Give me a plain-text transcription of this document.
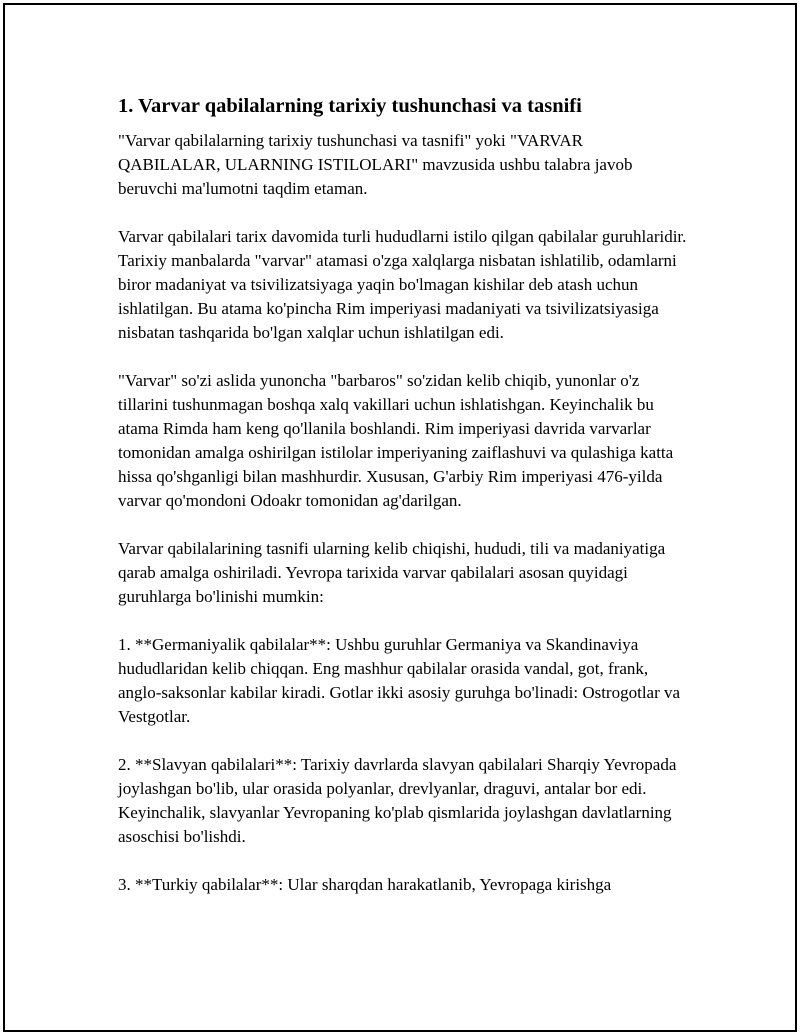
1. Varvar qabilalarning tarixiy tushunchasi va tasnifi

"Varvar qabilalarning tarixiy tushunchasi va tasnifi" yoki "VARVAR QABILALAR, ULARNING ISTILOLARI" mavzusida ushbu talabra javob beruvchi ma'lumotni taqdim etaman.

Varvar qabilalari tarix davomida turli hududlarni istilo qilgan qabilalar guruhlaridir. Tarixiy manbalarda "varvar" atamasi o'zga xalqlarga nisbatan ishlatilib, odamlarni biror madaniyat va tsivilizatsiyaga yaqin bo'lmagan kishilar deb atash uchun ishlatilgan. Bu atama ko'pincha Rim imperiyasi madaniyati va tsivilizatsiyasiga nisbatan tashqarida bo'lgan xalqlar uchun ishlatilgan edi.

"Varvar" so'zi aslida yunoncha "barbaros" so'zidan kelib chiqib, yunonlar o'z tillarini tushunmagan boshqa xalq vakillari uchun ishlatishgan. Keyinchalik bu atama Rimda ham keng qo'llanila boshlandi. Rim imperiyasi davrida varvarlar tomonidan amalga oshirilgan istilolar imperiyaning zaiflashuvi va qulashiga katta hissa qo'shganligi bilan mashhurdir. Xususan, G'arbiy Rim imperiyasi 476-yilda varvar qo'mondoni Odoakr tomonidan ag'darilgan.

Varvar qabilalarining tasnifi ularning kelib chiqishi, hududi, tili va madaniyatiga qarab amalga oshiriladi. Yevropa tarixida varvar qabilalari asosan quyidagi guruhlarga bo'linishi mumkin:

1. **Germaniyalik qabilalar**: Ushbu guruhlar Germaniya va Skandinaviya hududlaridan kelib chiqqan. Eng mashhur qabilalar orasida vandal, got, frank, anglo-saksonlar kabilar kiradi. Gotlar ikki asosiy guruhga bo'linadi: Ostrogotlar va Vestgotlar.

2. **Slavyan qabilalari**: Tarixiy davrlarda slavyan qabilalari Sharqiy Yevropada joylashgan bo'lib, ular orasida polyanlar, drevlyanlar, draguvi, antalar bor edi. Keyinchalik, slavyanlar Yevropaning ko'plab qismlarida joylashgan davlatlarning asoschisi bo'lishdi.

3. **Turkiy qabilalar**: Ular sharqdan harakatlanib, Yevropaga kirishga
